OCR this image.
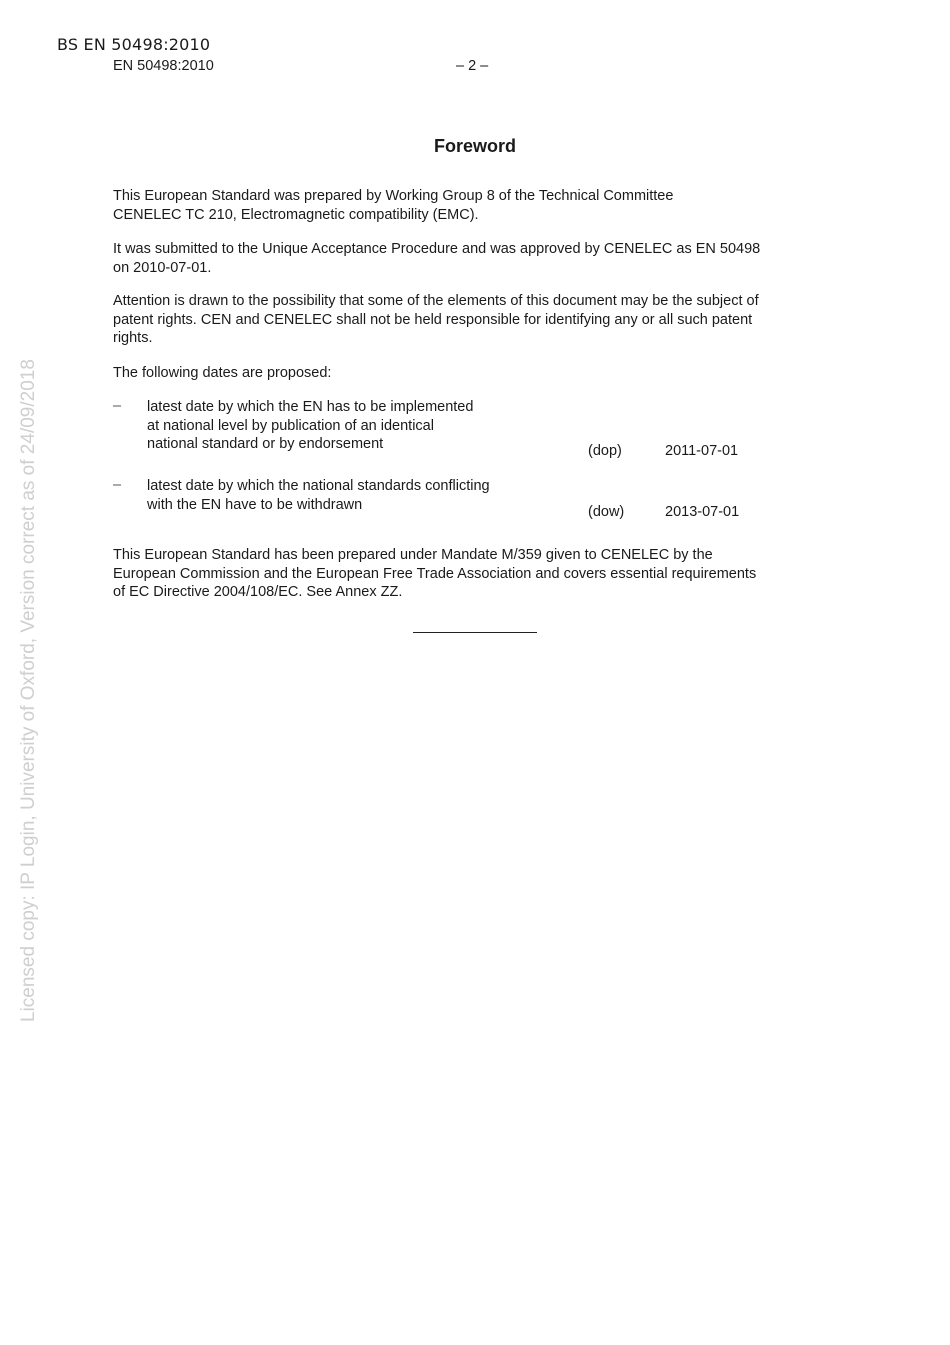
BS EN 50498:2010
EN 50498:2010	– 2 –
Licensed copy: IP Login, University of Oxford, Version correct as of 24/09/2018
Foreword
This European Standard was prepared by Working Group 8 of the Technical Committee
CENELEC TC 210, Electromagnetic compatibility (EMC).
It was submitted to the Unique Acceptance Procedure and was approved by CENELEC as EN 50498
on 2010-07-01.
Attention is drawn to the possibility that some of the elements of this document may be the subject of
patent rights. CEN and CENELEC shall not be held responsible for identifying any or all such patent
rights.
The following dates are proposed:
– latest date by which the EN has to be implemented
at national level by publication of an identical
national standard or by endorsement	(dop)	2011-07-01
– latest date by which the national standards conflicting
with the EN have to be withdrawn	(dow)	2013-07-01
This European Standard has been prepared under Mandate M/359 given to CENELEC by the
European Commission and the European Free Trade Association and covers essential requirements
of EC Directive 2004/108/EC. See Annex ZZ.
